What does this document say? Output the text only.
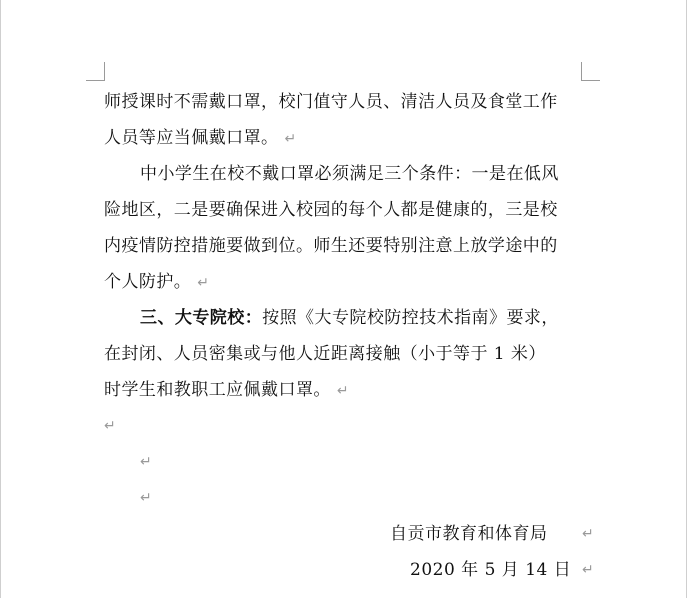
师授课时不需戴口罩，校门值守人员、清洁人员及食堂工作
人员等应当佩戴口罩。 ↵
中小学生在校不戴口罩必须满足三个条件：一是在低风
险地区，二是要确保进入校园的每个人都是健康的，三是校
内疫情防控措施要做到位。师生还要特别注意上放学途中的
个人防护。 ↵
三、大专院校：按照《大专院校防控技术指南》要求，
在封闭、人员密集或与他人近距离接触（小于等于 1 米）
时学生和教职工应佩戴口罩。 ↵
↵
↵
↵
自贡市教育和体育局 ↵
2020 年 5 月 14 日 ↵
